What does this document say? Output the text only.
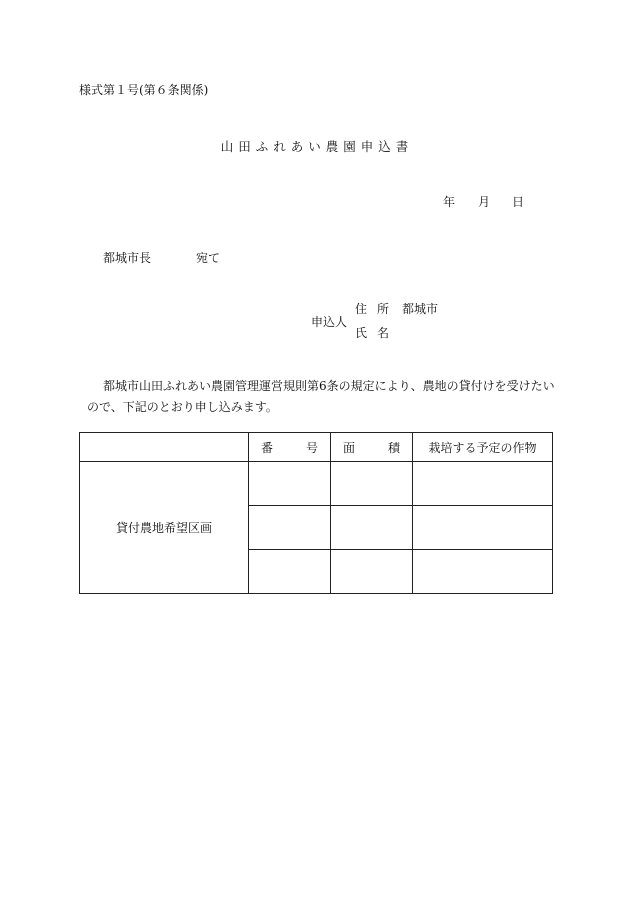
様式第１号(第６条関係)
山田ふれあい農園申込書
年 月 日
都城市長	宛て
申込人
住所 都城市
氏名
都城市山田ふれあい農園管理運営規則第6条の規定により、農地の貸付けを受けたいので、下記のとおり申し込みます。

	番 号	面 積	栽培する予定の作物
貸付農地希望区画			
